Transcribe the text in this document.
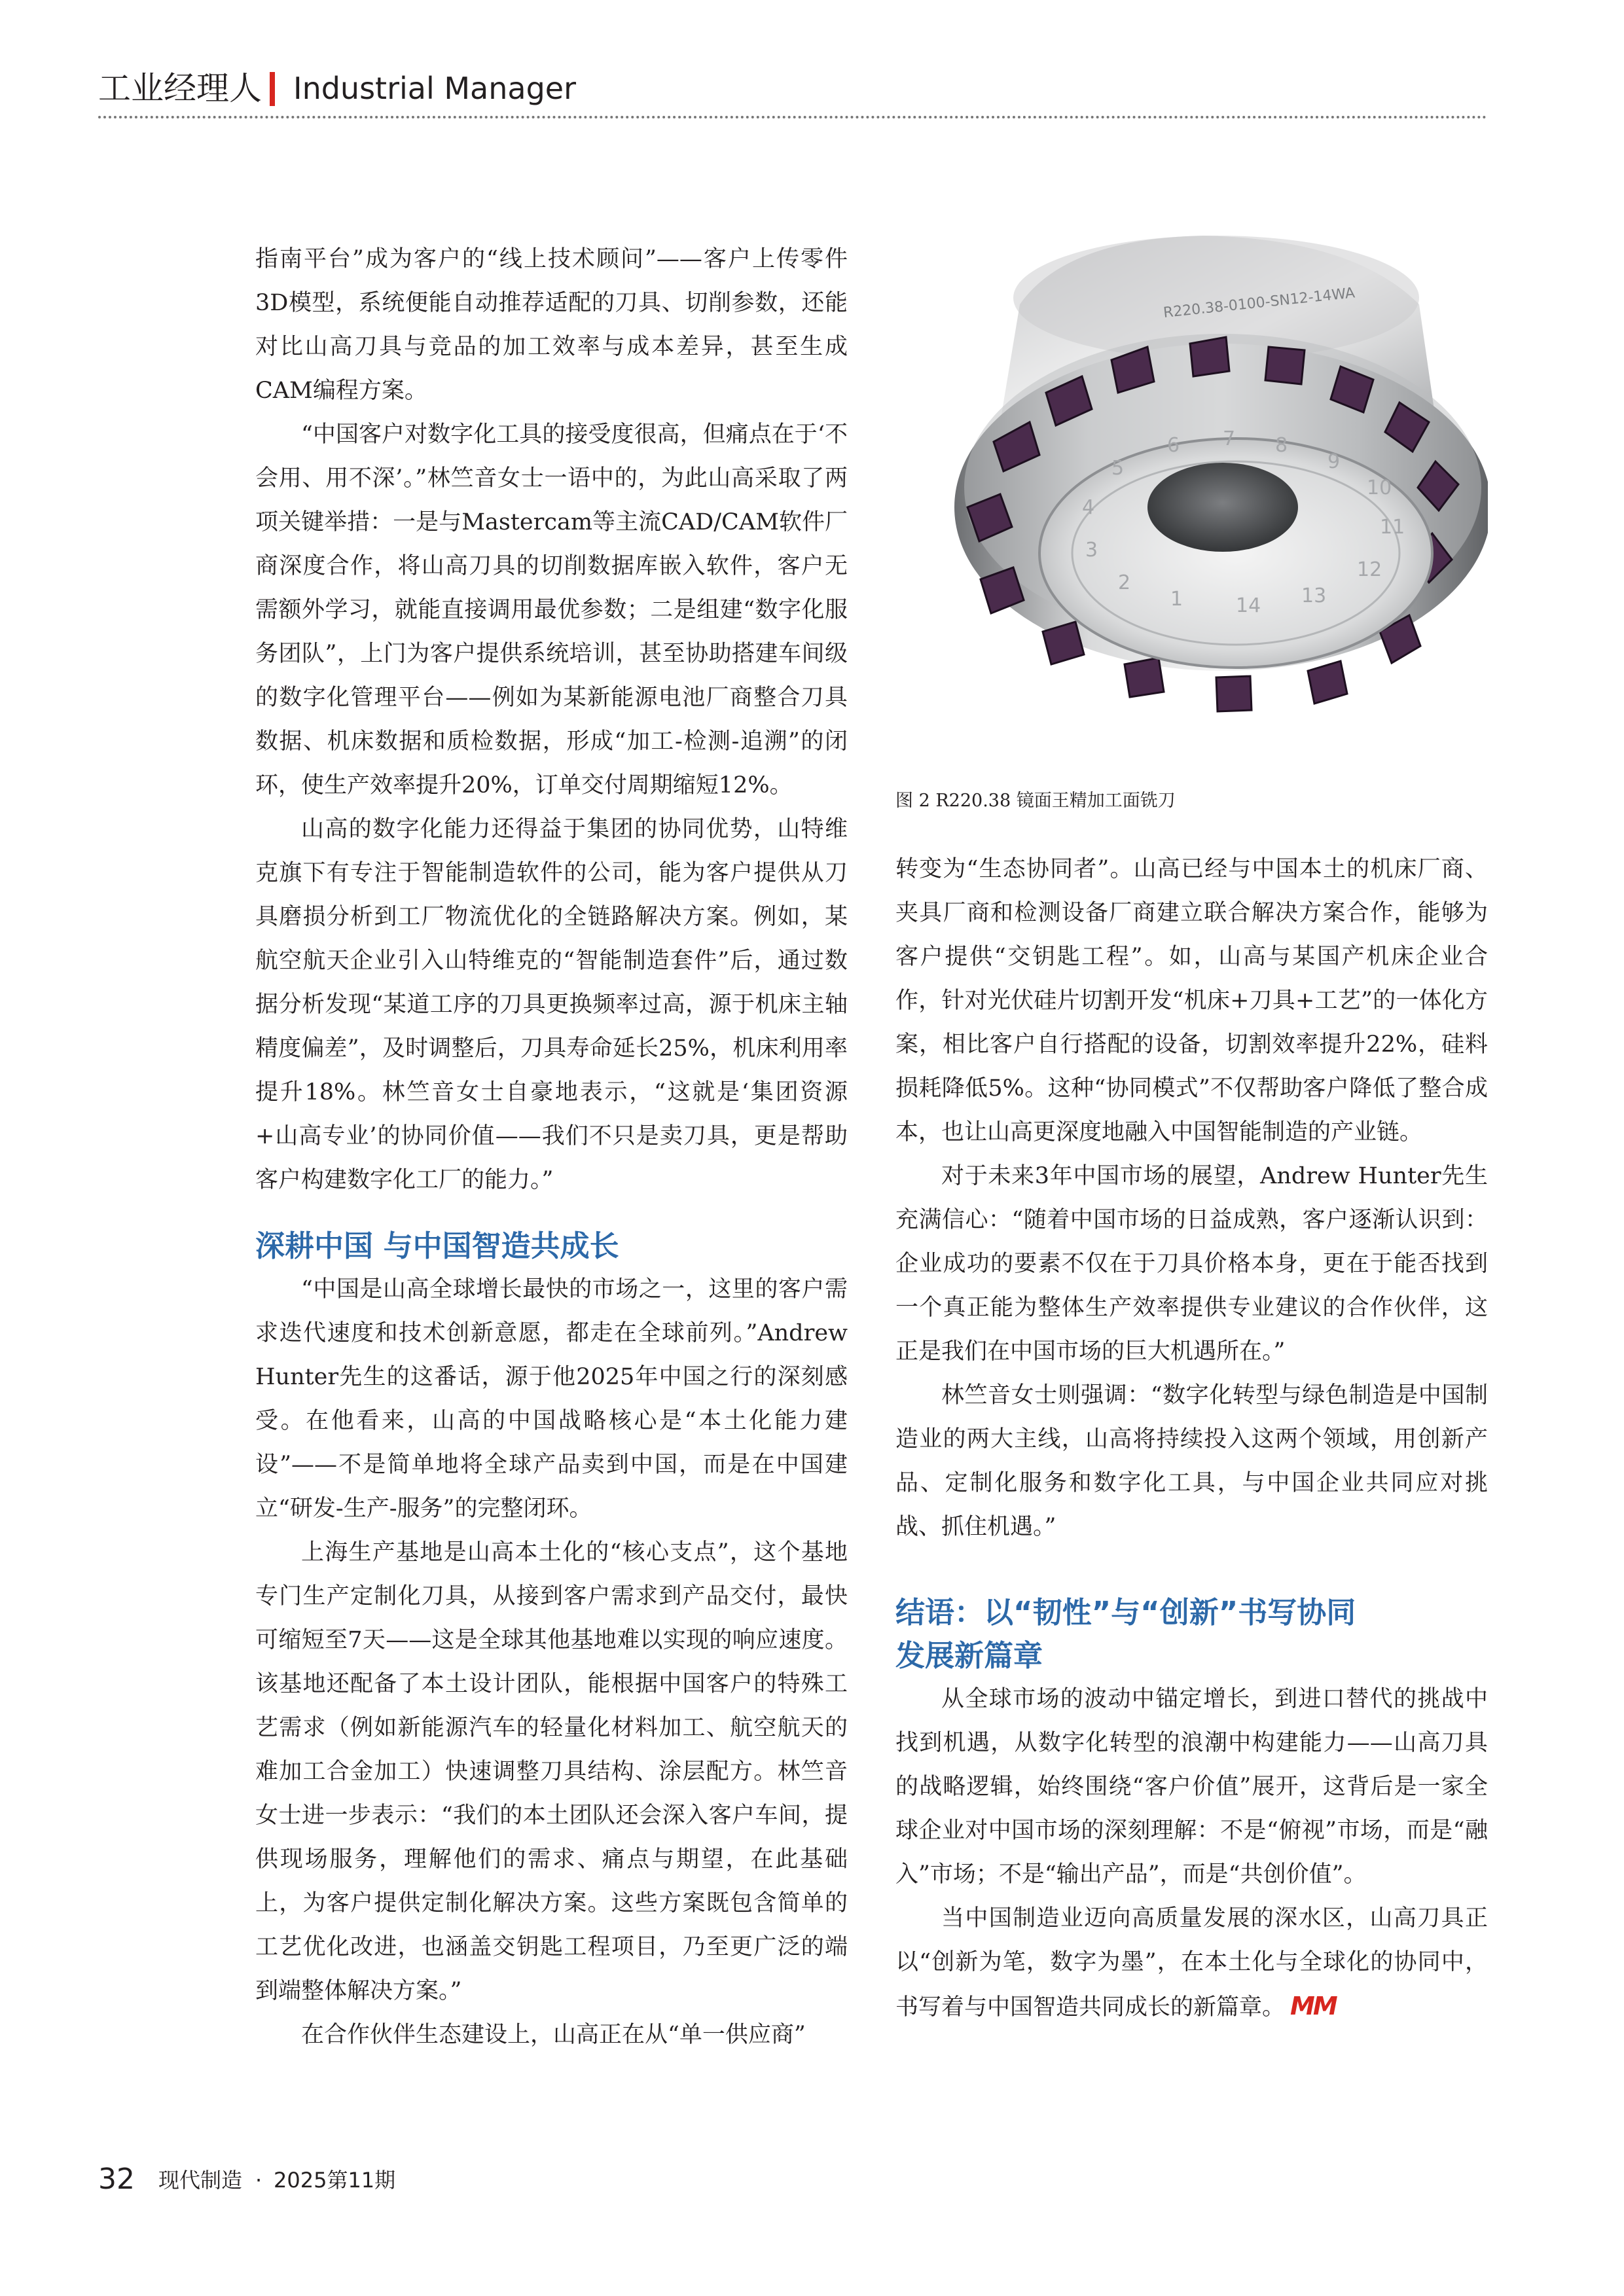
工业经理人 Industrial Manager

指南平台”成为客户的“线上技术顾问”——客户上传零件3D模型，系统便能自动推荐适配的刀具、切削参数，还能对比山高刀具与竞品的加工效率与成本差异，甚至生成CAM编程方案。

“中国客户对数字化工具的接受度很高，但痛点在于‘不会用、用不深’。”林竺音女士一语中的，为此山高采取了两项关键举措：一是与Mastercam等主流CAD/CAM软件厂商深度合作，将山高刀具的切削数据库嵌入软件，客户无需额外学习，就能直接调用最优参数；二是组建“数字化服务团队”，上门为客户提供系统培训，甚至协助搭建车间级的数字化管理平台——例如为某新能源电池厂商整合刀具数据、机床数据和质检数据，形成“加工-检测-追溯”的闭环，使生产效率提升20%，订单交付周期缩短12%。

山高的数字化能力还得益于集团的协同优势，山特维克旗下有专注于智能制造软件的公司，能为客户提供从刀具磨损分析到工厂物流优化的全链路解决方案。例如，某航空航天企业引入山特维克的“智能制造套件”后，通过数据分析发现“某道工序的刀具更换频率过高，源于机床主轴精度偏差”，及时调整后，刀具寿命延长25%，机床利用率提升18%。林竺音女士自豪地表示，“这就是‘集团资源+山高专业’的协同价值——我们不只是卖刀具，更是帮助客户构建数字化工厂的能力。”

深耕中国 与中国智造共成长

“中国是山高全球增长最快的市场之一，这里的客户需求迭代速度和技术创新意愿，都走在全球前列。”Andrew Hunter先生的这番话，源于他2025年中国之行的深刻感受。在他看来，山高的中国战略核心是“本土化能力建设”——不是简单地将全球产品卖到中国，而是在中国建立“研发-生产-服务”的完整闭环。

上海生产基地是山高本土化的“核心支点”，这个基地专门生产定制化刀具，从接到客户需求到产品交付，最快可缩短至7天——这是全球其他基地难以实现的响应速度。该基地还配备了本土设计团队，能根据中国客户的特殊工艺需求（例如新能源汽车的轻量化材料加工、航空航天的难加工合金加工）快速调整刀具结构、涂层配方。林竺音女士进一步表示：“我们的本土团队还会深入客户车间，提供现场服务，理解他们的需求、痛点与期望，在此基础上，为客户提供定制化解决方案。这些方案既包含简单的工艺优化改进，也涵盖交钥匙工程项目，乃至更广泛的端到端整体解决方案。”

在合作伙伴生态建设上，山高正在从“单一供应商”

5
6 7 8
9
10
11
12
13
14
1
2
3
4
R220.38-0100-SN12-14WA
图 2 R220.38 镜面王精加工面铣刀

转变为“生态协同者”。山高已经与中国本土的机床厂商、夹具厂商和检测设备厂商建立联合解决方案合作，能够为客户提供“交钥匙工程”。如，山高与某国产机床企业合作，针对光伏硅片切割开发“机床+刀具+工艺”的一体化方案，相比客户自行搭配的设备，切割效率提升22%，硅料损耗降低5%。这种“协同模式”不仅帮助客户降低了整合成本，也让山高更深度地融入中国智能制造的产业链。

对于未来3年中国市场的展望，Andrew Hunter先生充满信心：“随着中国市场的日益成熟，客户逐渐认识到：企业成功的要素不仅在于刀具价格本身，更在于能否找到一个真正能为整体生产效率提供专业建议的合作伙伴，这正是我们在中国市场的巨大机遇所在。”

林竺音女士则强调：“数字化转型与绿色制造是中国制造业的两大主线，山高将持续投入这两个领域，用创新产品、定制化服务和数字化工具，与中国企业共同应对挑战、抓住机遇。”

结语：以“韧性”与“创新”书写协同
发展新篇章

从全球市场的波动中锚定增长，到进口替代的挑战中找到机遇，从数字化转型的浪潮中构建能力——山高刀具的战略逻辑，始终围绕“客户价值”展开，这背后是一家全球企业对中国市场的深刻理解：不是“俯视”市场，而是“融入”市场；不是“输出产品”，而是“共创价值”。

当中国制造业迈向高质量发展的深水区，山高刀具正以“创新为笔，数字为墨”，在本土化与全球化的协同中，书写着与中国智造共同成长的新篇章。 MM

32 现代制造 · 2025第11期
